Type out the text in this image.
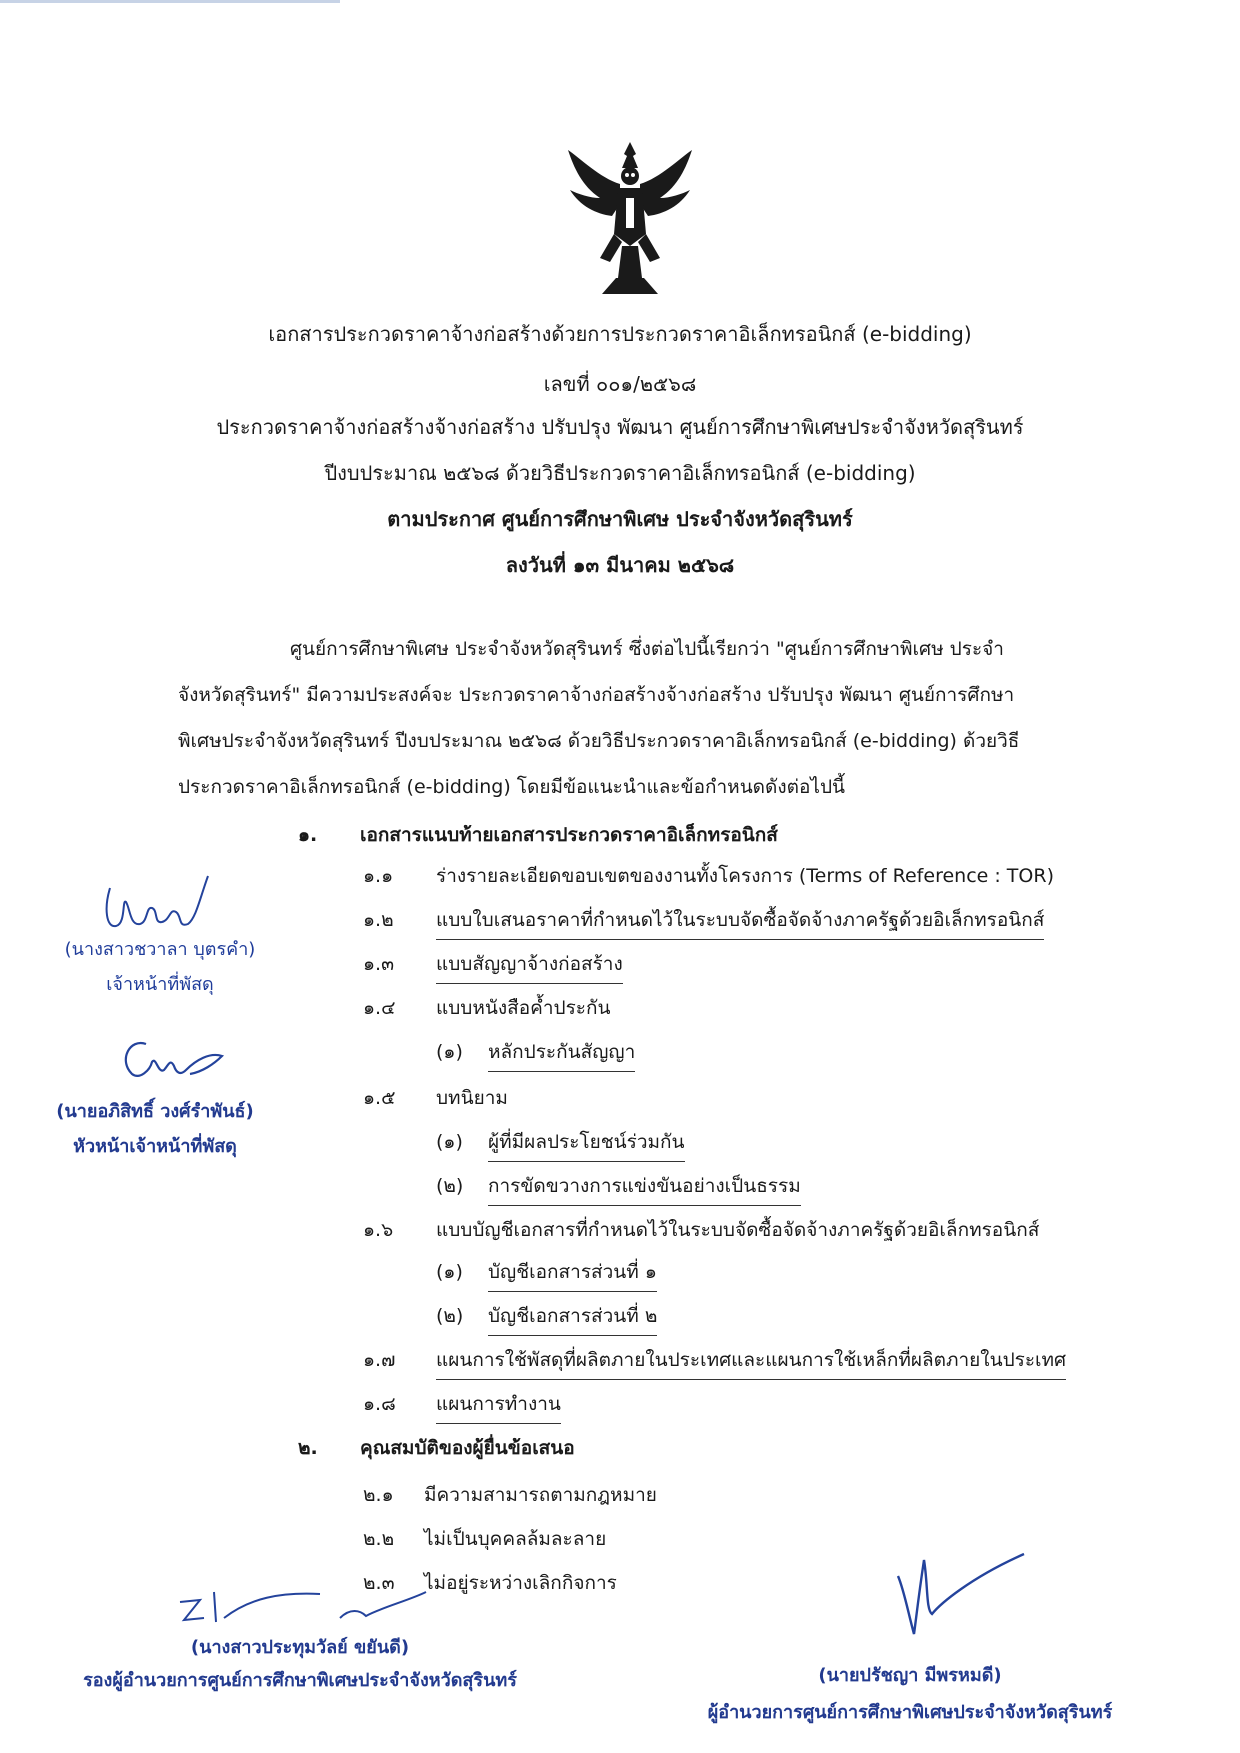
เอกสารประกวดราคาจ้างก่อสร้างด้วยการประกวดราคาอิเล็กทรอนิกส์ (e-bidding)
เลขที่ ๐๐๑/๒๕๖๘
ประกวดราคาจ้างก่อสร้างจ้างก่อสร้าง ปรับปรุง พัฒนา ศูนย์การศึกษาพิเศษประจำจังหวัดสุรินทร์
ปีงบประมาณ ๒๕๖๘ ด้วยวิธีประกวดราคาอิเล็กทรอนิกส์ (e-bidding)
ตามประกาศ ศูนย์การศึกษาพิเศษ ประจำจังหวัดสุรินทร์
ลงวันที่ ๑๓ มีนาคม ๒๕๖๘

ศูนย์การศึกษาพิเศษ ประจำจังหวัดสุรินทร์ ซึ่งต่อไปนี้เรียกว่า "ศูนย์การศึกษาพิเศษ ประจำ

จังหวัดสุรินทร์" มีความประสงค์จะ ประกวดราคาจ้างก่อสร้างจ้างก่อสร้าง ปรับปรุง พัฒนา ศูนย์การศึกษา

พิเศษประจำจังหวัดสุรินทร์ ปีงบประมาณ ๒๕๖๘ ด้วยวิธีประกวดราคาอิเล็กทรอนิกส์ (e-bidding) ด้วยวิธี

ประกวดราคาอิเล็กทรอนิกส์ (e-bidding) โดยมีข้อแนะนำและข้อกำหนดดังต่อไปนี้

๑. เอกสารแนบท้ายเอกสารประกวดราคาอิเล็กทรอนิกส์
๑.๑ ร่างรายละเอียดขอบเขตของงานทั้งโครงการ (Terms of Reference : TOR)
๑.๒ แบบใบเสนอราคาที่กำหนดไว้ในระบบจัดซื้อจัดจ้างภาครัฐด้วยอิเล็กทรอนิกส์
๑.๓ แบบสัญญาจ้างก่อสร้าง
๑.๔ แบบหนังสือค้ำประกัน
(๑) หลักประกันสัญญา
๑.๕ บทนิยาม
(๑) ผู้ที่มีผลประโยชน์ร่วมกัน
(๒) การขัดขวางการแข่งขันอย่างเป็นธรรม
๑.๖ แบบบัญชีเอกสารที่กำหนดไว้ในระบบจัดซื้อจัดจ้างภาครัฐด้วยอิเล็กทรอนิกส์
(๑) บัญชีเอกสารส่วนที่ ๑
(๒) บัญชีเอกสารส่วนที่ ๒
๑.๗ แผนการใช้พัสดุที่ผลิตภายในประเทศและแผนการใช้เหล็กที่ผลิตภายในประเทศ
๑.๘ แผนการทำงาน
๒. คุณสมบัติของผู้ยื่นข้อเสนอ
๒.๑ มีความสามารถตามกฎหมาย
๒.๒ ไม่เป็นบุคคลล้มละลาย
๒.๓ ไม่อยู่ระหว่างเลิกกิจการ
(นางสาวชวาลา บุตรคำ)
เจ้าหน้าที่พัสดุ
(นายอภิสิทธิ์ วงศ์รำพันธ์)
หัวหน้าเจ้าหน้าที่พัสดุ
(นางสาวประทุมวัลย์ ขยันดี)
รองผู้อำนวยการศูนย์การศึกษาพิเศษประจำจังหวัดสุรินทร์	(นายปรัชญา มีพรหมดี)
ผู้อำนวยการศูนย์การศึกษาพิเศษประจำจังหวัดสุรินทร์
